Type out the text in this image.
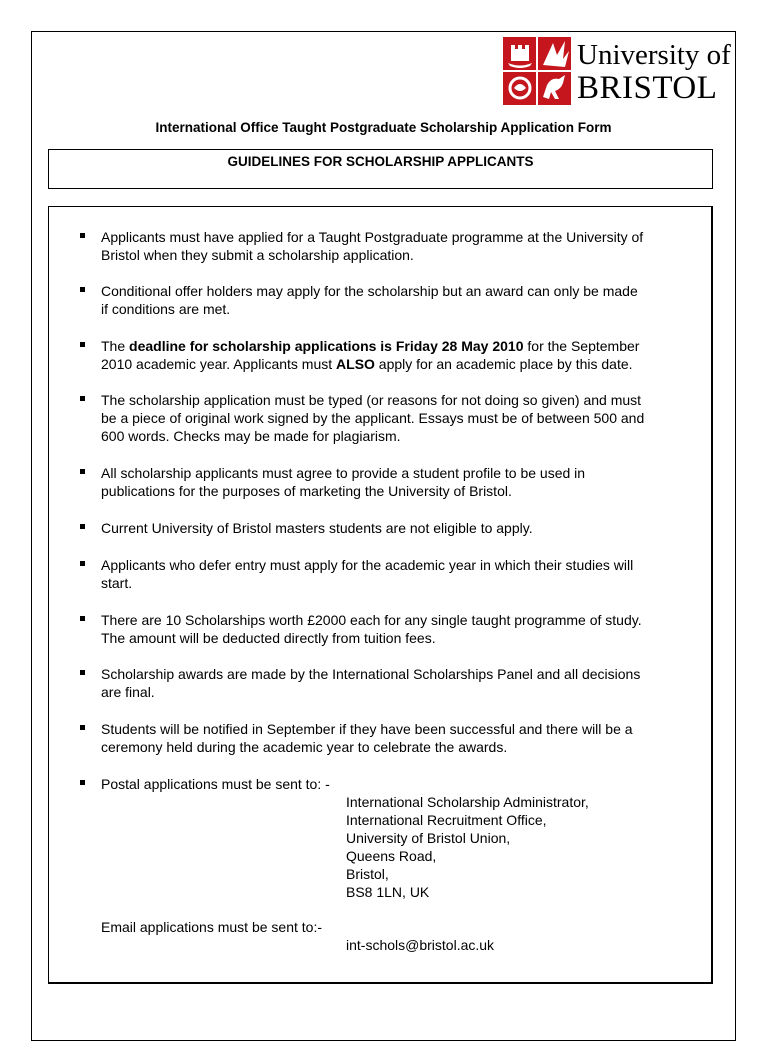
University of
BRISTOL
International Office Taught Postgraduate Scholarship Application Form
GUIDELINES FOR SCHOLARSHIP APPLICANTS
Applicants must have applied for a Taught Postgraduate programme at the University of
Bristol when they submit a scholarship application.
Conditional offer holders may apply for the scholarship but an award can only be made
if conditions are met.
The deadline for scholarship applications is Friday 28 May 2010 for the September
2010 academic year. Applicants must ALSO apply for an academic place by this date.
The scholarship application must be typed (or reasons for not doing so given) and must
be a piece of original work signed by the applicant. Essays must be of between 500 and
600 words. Checks may be made for plagiarism.
All scholarship applicants must agree to provide a student profile to be used in
publications for the purposes of marketing the University of Bristol.
Current University of Bristol masters students are not eligible to apply.
Applicants who defer entry must apply for the academic year in which their studies will
start.
There are 10 Scholarships worth £2000 each for any single taught programme of study.
The amount will be deducted directly from tuition fees.
Scholarship awards are made by the International Scholarships Panel and all decisions
are final.
Students will be notified in September if they have been successful and there will be a
ceremony held during the academic year to celebrate the awards.
Postal applications must be sent to: -
International Scholarship Administrator,
International Recruitment Office,
University of Bristol Union,
Queens Road,
Bristol,
BS8 1LN, UK
Email applications must be sent to:-
int-schols@bristol.ac.uk
